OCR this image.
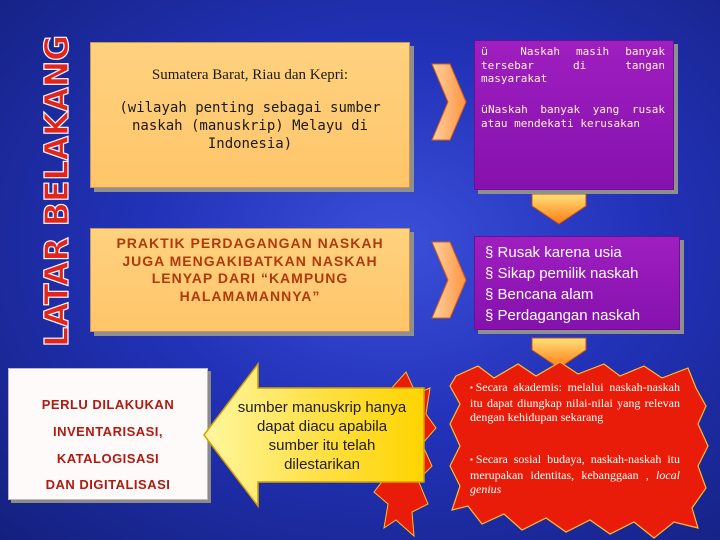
LATAR BELAKANG	Sumatera Barat, Riau dan Kepri:
(wilayah penting sebagai sumber naskah (manuskrip) Melayu di Indonesia)
PRAKTIK PERDAGANGAN NASKAH JUGA MENGAKIBATKAN NASKAH LENYAP DARI “KAMPUNG HALAMAMANNYA”
PERLU DILAKUKAN
INVENTARISASI,
KATALOGISASI
DAN DIGITALISASI
ü	Naskah masih banyak tersebar di tangan masyarakat
üNaskah banyak yang rusak atau mendekati kerusakan
§ Rusak karena usia
§ Sikap pemilik naskah
§ Bencana alam
§ Perdagangan naskah
sumber manuskrip hanya dapat diacu apabila sumber itu telah dilestarikan
▪Secara akademis: melalui naskah-naskah itu dapat diungkap nilai-nilai yang relevan dengan kehidupan sekarang
▪Secara sosial budaya, naskah-naskah itu merupakan identitas, kebanggaan , local genius
